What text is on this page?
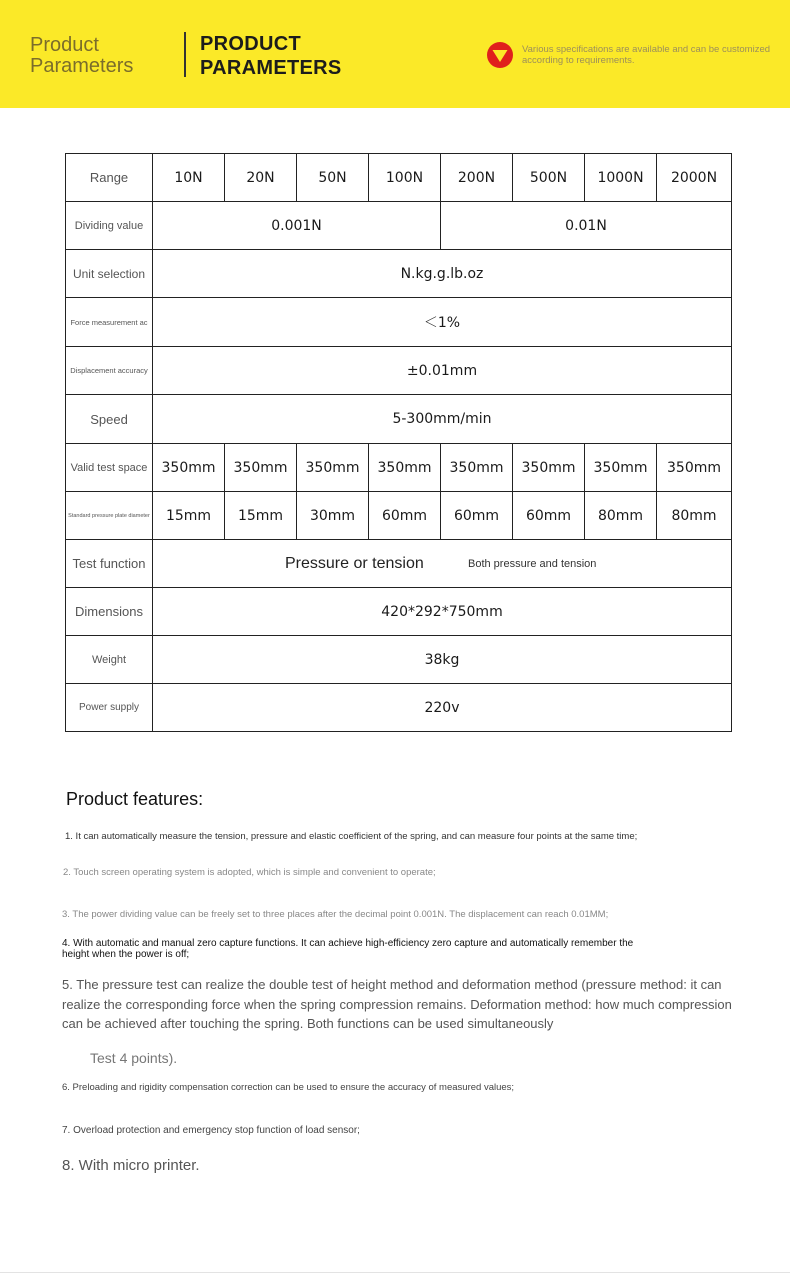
Product Parameters
PRODUCT PARAMETERS
Various specifications are available and can be customized according to requirements.
Range	10N	20N	50N	100N	200N	500N	1000N	2000N
Dividing value	0.001N				0.01N			
Unit selection	N.kg.g.lb.oz							
Force measurement ac	＜1%							
Displacement accuracy	±0.01mm							
Speed	5-300mm/min							
Valid test space	350mm	350mm	350mm	350mm	350mm	350mm	350mm	350mm
Standard pressure plate diameter	15mm	15mm	30mm	60mm	60mm	60mm	80mm	80mm
Test function	Pressure or tension Both pressure and tension							

Dimensions	420*292*750mm							
Weight	38kg							
Power supply	220v							
Product features:

1. It can automatically measure the tension, pressure and elastic coefficient of the spring, and can measure four points at the same time;

2. Touch screen operating system is adopted, which is simple and convenient to operate;

3. The power dividing value can be freely set to three places after the decimal point 0.001N. The displacement can reach 0.01MM;

4. With automatic and manual zero capture functions. It can achieve high-efficiency zero capture and automatically remember the height when the power is off;

5. The pressure test can realize the double test of height method and deformation method (pressure method: it can realize the corresponding force when the spring compression remains. Deformation method: how much compression can be achieved after touching the spring. Both functions can be used simultaneously

Test 4 points).

6. Preloading and rigidity compensation correction can be used to ensure the accuracy of measured values;

7. Overload protection and emergency stop function of load sensor;

8. With micro printer.
